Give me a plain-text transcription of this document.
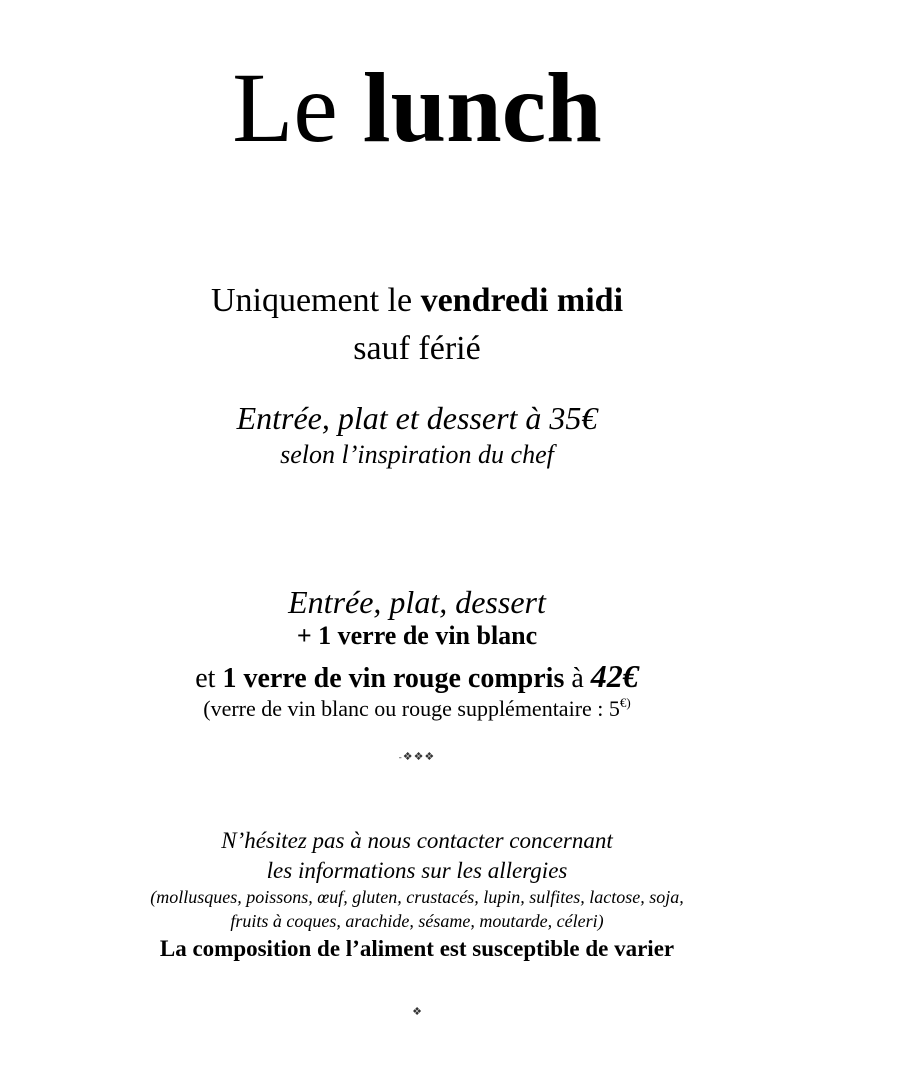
Le lunch
Uniquement le vendredi midi
sauf férié
Entrée, plat et dessert à 35€
selon l’inspiration du chef
Entrée, plat, dessert
+ 1 verre de vin blanc
et 1 verre de vin rouge compris à 42€
(verre de vin blanc ou rouge supplémentaire : 5€)
-❖❖❖
N’hésitez pas à nous contacter concernant
les informations sur les allergies
(mollusques, poissons, œuf, gluten, crustacés, lupin, sulfites, lactose, soja,
fruits à coques, arachide, sésame, moutarde, céleri)
La composition de l’aliment est susceptible de varier
❖
